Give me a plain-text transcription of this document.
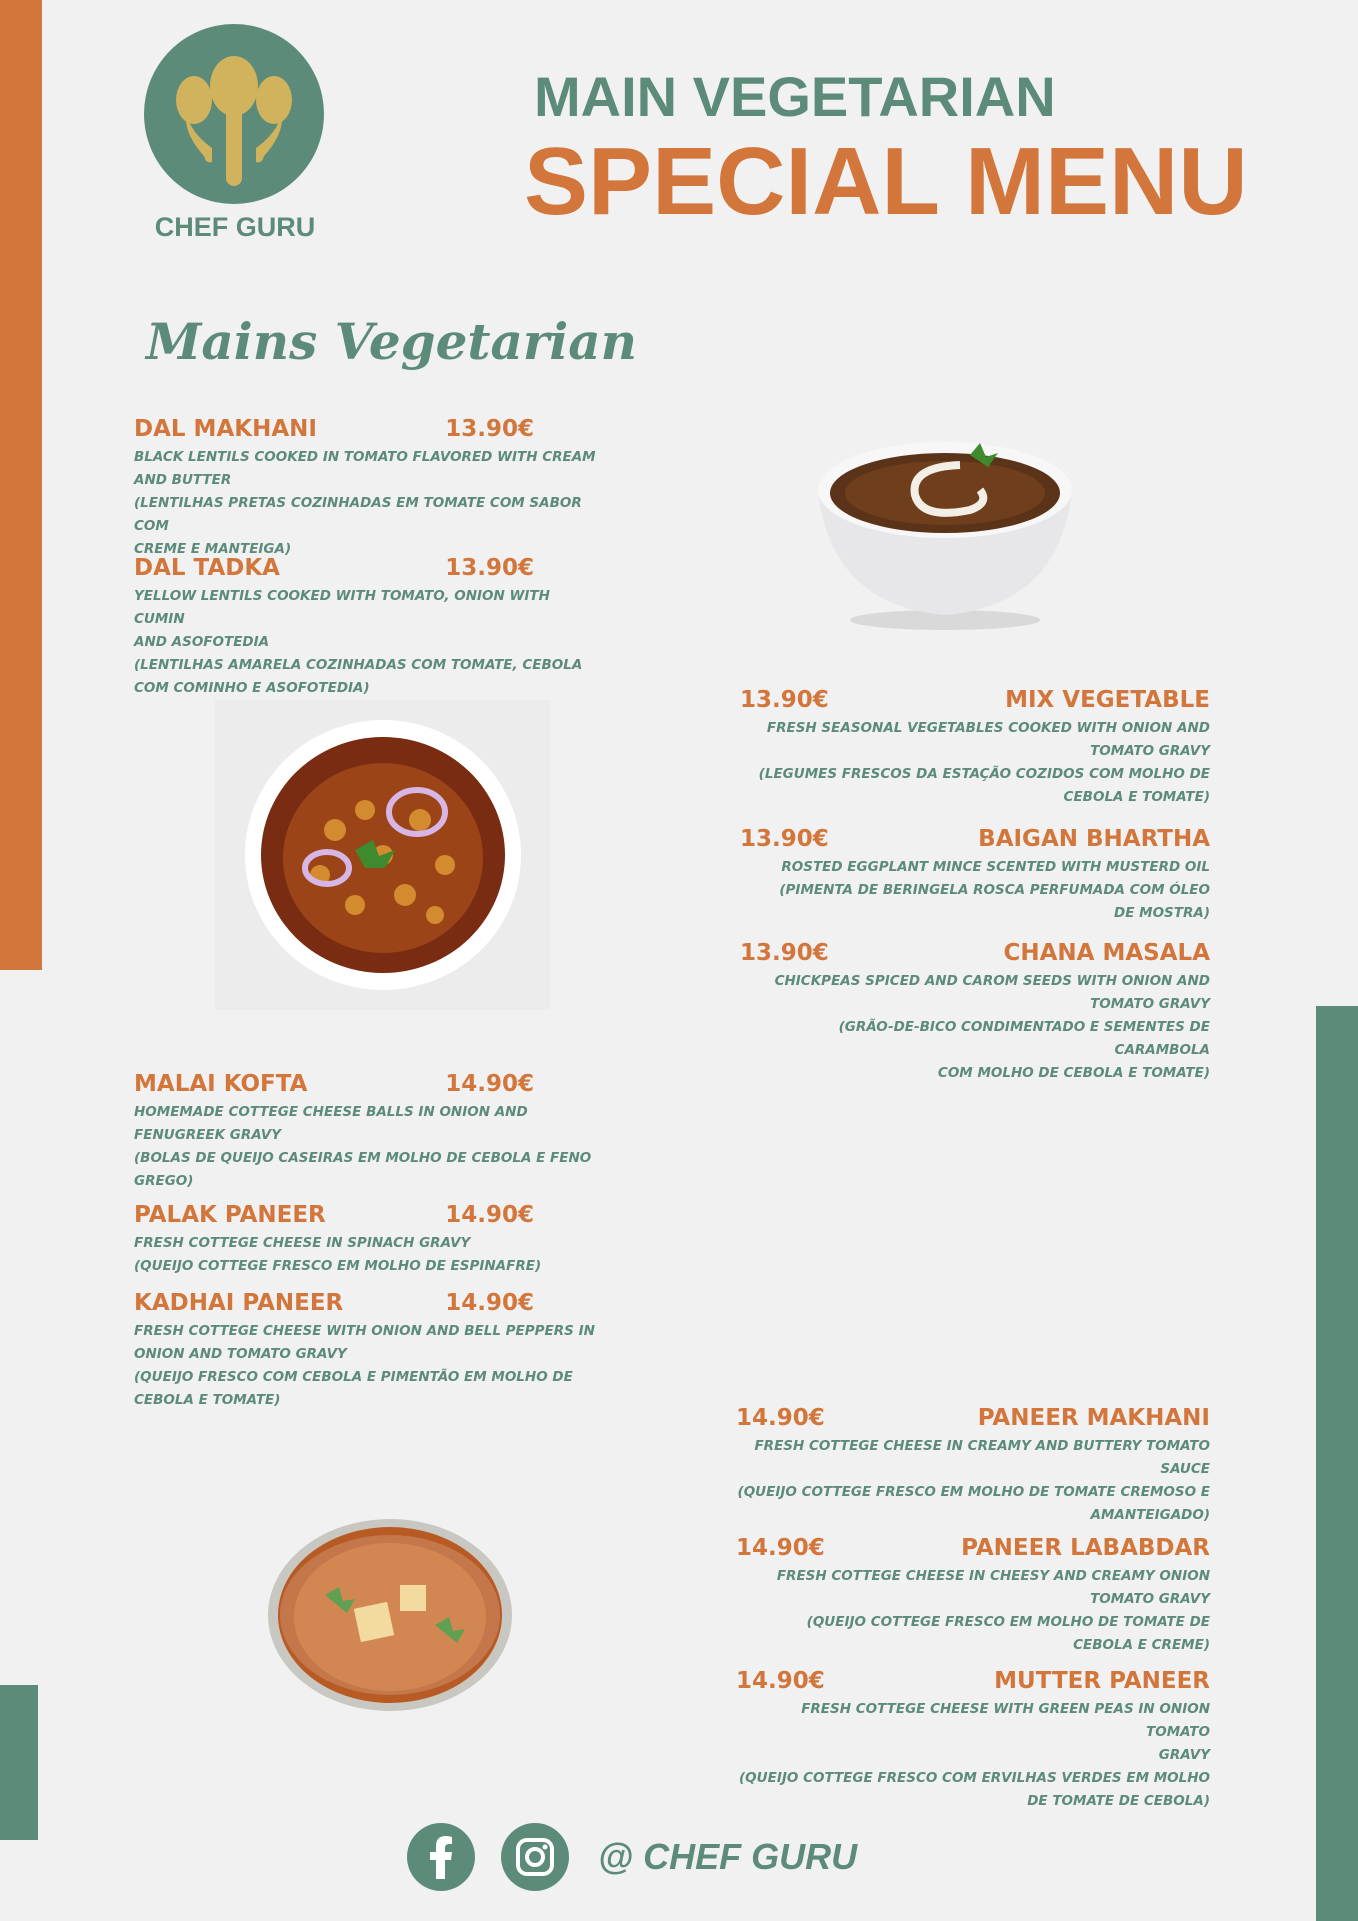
CHEF GURU
MAIN VEGETARIAN
SPECIAL MENU
Mains Vegetarian
DAL MAKHANI	13.90€
BLACK LENTILS COOKED IN TOMATO FLAVORED WITH CREAM
AND BUTTER
(LENTILHAS PRETAS COZINHADAS EM TOMATE COM SABOR COM
CREME E MANTEIGA)
DAL TADKA	13.90€
YELLOW LENTILS COOKED WITH TOMATO, ONION WITH CUMIN
AND ASOFOTEDIA
(LENTILHAS AMARELA COZINHADAS COM TOMATE, CEBOLA
COM COMINHO E ASOFOTEDIA)
MALAI KOFTA	14.90€
HOMEMADE COTTEGE CHEESE BALLS IN ONION AND
FENUGREEK GRAVY
(BOLAS DE QUEIJO CASEIRAS EM MOLHO DE CEBOLA E FENO
GREGO)
PALAK PANEER	14.90€
FRESH COTTEGE CHEESE IN SPINACH GRAVY
(QUEIJO COTTEGE FRESCO EM MOLHO DE ESPINAFRE)
KADHAI PANEER	14.90€
FRESH COTTEGE CHEESE WITH ONION AND BELL PEPPERS IN
ONION AND TOMATO GRAVY
(QUEIJO FRESCO COM CEBOLA E PIMENTÃO EM MOLHO DE
CEBOLA E TOMATE)
MIX VEGETABLE
13.90€
FRESH SEASONAL VEGETABLES COOKED WITH ONION AND
TOMATO GRAVY
(LEGUMES FRESCOS DA ESTAÇÃO COZIDOS COM MOLHO DE
CEBOLA E TOMATE)
BAIGAN BHARTHA
13.90€
ROSTED EGGPLANT MINCE SCENTED WITH MUSTERD OIL
(PIMENTA DE BERINGELA ROSCA PERFUMADA COM ÓLEO
DE MOSTRA)
CHANA MASALA
13.90€
CHICKPEAS SPICED AND CAROM SEEDS WITH ONION AND
TOMATO GRAVY
(GRÃO-DE-BICO CONDIMENTADO E SEMENTES DE CARAMBOLA
COM MOLHO DE CEBOLA E TOMATE)
PANEER MAKHANI
14.90€
FRESH COTTEGE CHEESE IN CREAMY AND BUTTERY TOMATO
SAUCE
(QUEIJO COTTEGE FRESCO EM MOLHO DE TOMATE CREMOSO E
AMANTEIGADO)
PANEER LABABDAR
14.90€
FRESH COTTEGE CHEESE IN CHEESY AND CREAMY ONION
TOMATO GRAVY
(QUEIJO COTTEGE FRESCO EM MOLHO DE TOMATE DE
CEBOLA E CREME)
MUTTER PANEER
14.90€
FRESH COTTEGE CHEESE WITH GREEN PEAS IN ONION TOMATO
GRAVY
(QUEIJO COTTEGE FRESCO COM ERVILHAS VERDES EM MOLHO
DE TOMATE DE CEBOLA)
@ CHEF GURU
